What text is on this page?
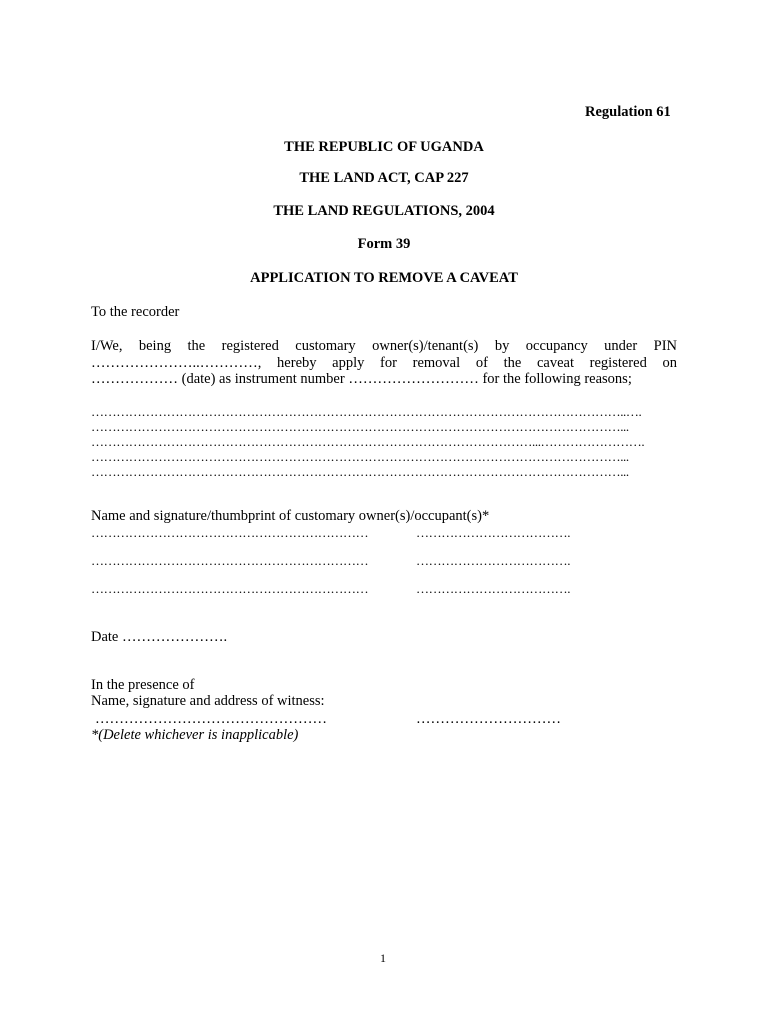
Regulation 61
THE REPUBLIC OF UGANDA
THE LAND ACT, CAP 227
THE LAND REGULATIONS, 2004
Form 39
APPLICATION TO REMOVE A CAVEAT
To the recorder
I/We, being the registered customary owner(s)/tenant(s) by occupancy under PIN
…………………..…………, hereby apply for removal of the caveat registered on
……………… (date) as instrument number ……………………… for the following reasons;
………………………………………………………………………………………………………………..….
………………………………………………………………………………………………………………...
……………………………………………………………………………………………...…………………….
………………………………………………………………………………………………………………...
………………………………………………………………………………………………………………...
Name and signature/thumbprint of customary owner(s)/occupant(s)*
…………………………………………………………	……………………………….
…………………………………………………………	……………………………….
…………………………………………………………	……………………………….
Date ………………….
In the presence of
Name, signature and address of witness:
…………………………………………	…………………………
*(Delete whichever is inapplicable)
1
